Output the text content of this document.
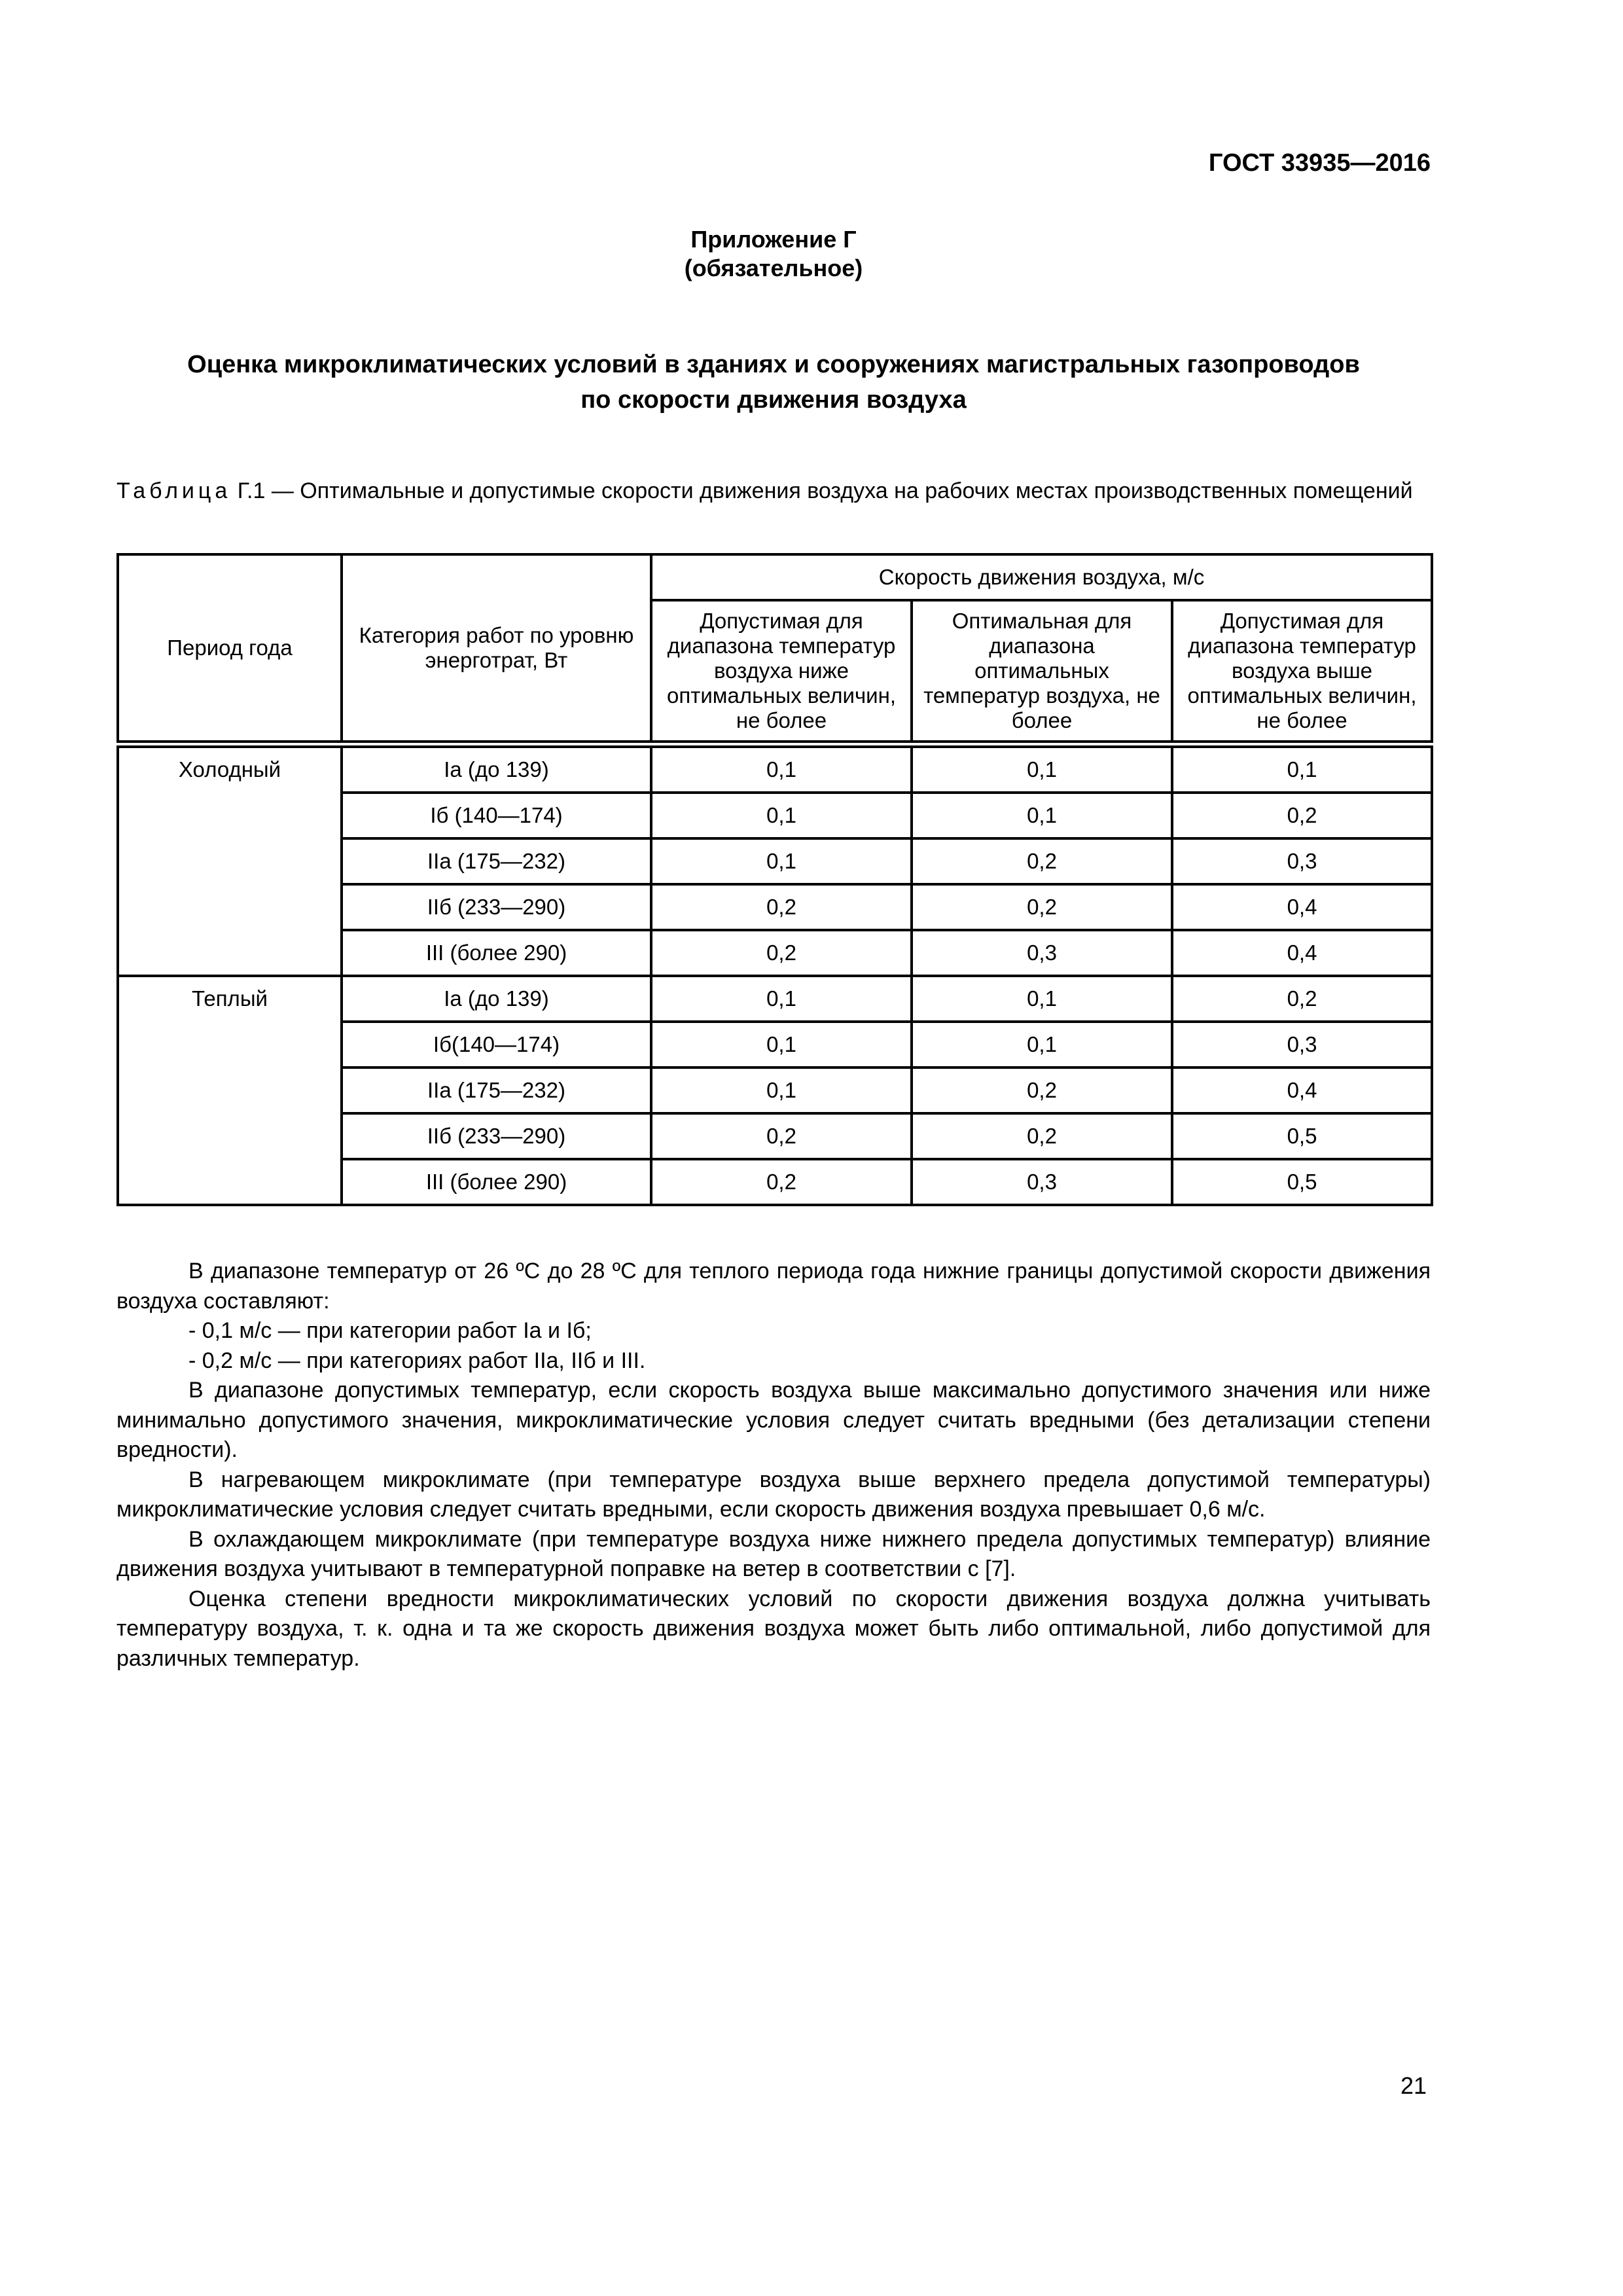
ГОСТ 33935—2016
Приложение Г
(обязательное)
Оценка микроклиматических условий в зданиях и сооружениях магистральных газопроводов
по скорости движения воздуха
Таблица Г.1 — Оптимальные и допустимые скорости движения воздуха на рабочих местах производственных помещений
Период года	Категория работ по уровню энерготрат, Вт	Скорость движения воздуха, м/с		
		Допустимая для диапазона температур воздуха ниже оптимальных величин, не более	Оптимальная для диапазона оптимальных температур воздуха, не более	Допустимая для диапазона температур воздуха выше оптимальных величин, не более
Холодный	Iа (до 139)	0,1	0,1	0,1
	Iб (140—174)	0,1	0,1	0,2
	IIа (175—232)	0,1	0,2	0,3
	IIб (233—290)	0,2	0,2	0,4
	III (более 290)	0,2	0,3	0,4
Теплый	Iа (до 139)	0,1	0,1	0,2
	Iб(140—174)	0,1	0,1	0,3
	IIа (175—232)	0,1	0,2	0,4
	IIб (233—290)	0,2	0,2	0,5
	III (более 290)	0,2	0,3	0,5

В диапазоне температур от 26 ºС до 28 ºС для теплого периода года нижние границы допустимой скорости движения воздуха составляют:

- 0,1 м/с — при категории работ Iа и Iб;

- 0,2 м/с — при категориях работ IIа, IIб и III.

В диапазоне допустимых температур, если скорость воздуха выше максимально допустимого значения или ниже минимально допустимого значения, микроклиматические условия следует считать вредными (без детализации степени вредности).

В нагревающем микроклимате (при температуре воздуха выше верхнего предела допустимой температуры) микроклиматические условия следует считать вредными, если скорость движения воздуха превышает 0,6 м/с.

В охлаждающем микроклимате (при температуре воздуха ниже нижнего предела допустимых температур) влияние движения воздуха учитывают в температурной поправке на ветер в соответствии с [7].

Оценка степени вредности микроклиматических условий по скорости движения воздуха должна учитывать температуру воздуха, т. к. одна и та же скорость движения воздуха может быть либо оптимальной, либо допустимой для различных температур.

21
